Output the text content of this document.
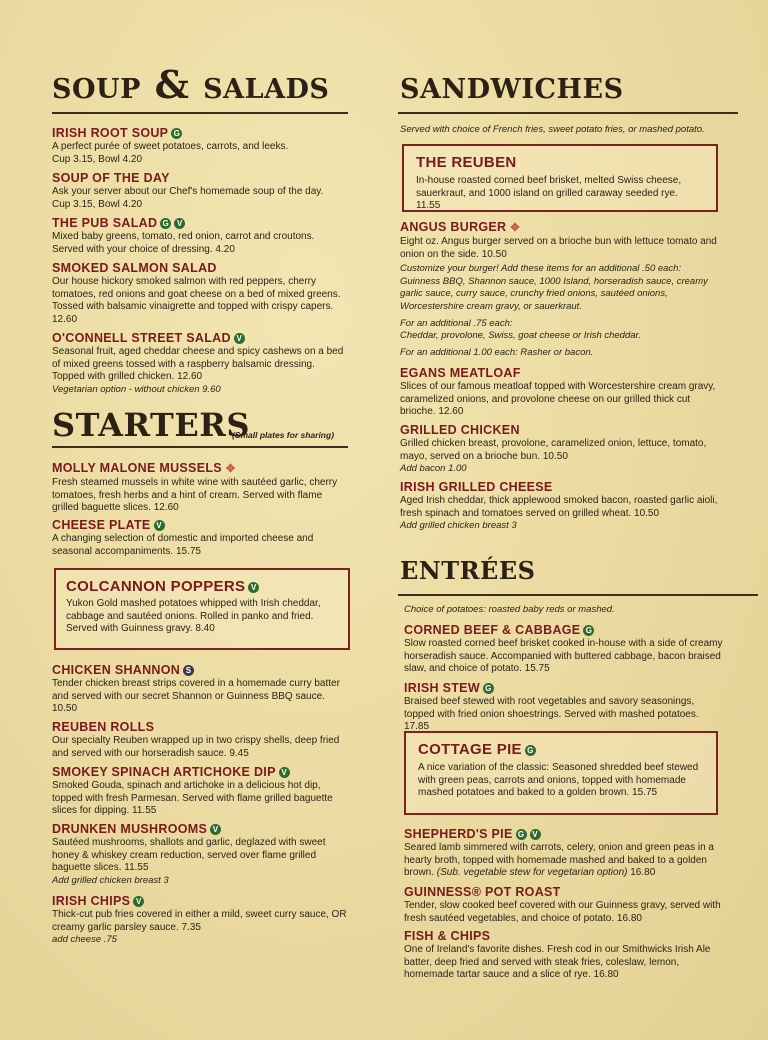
soup & salads
IRISH ROOT SOUP G
A perfect purée of sweet potatoes, carrots, and leeks.
Cup 3.15, Bowl 4.20
SOUP OF THE DAY
Ask your server about our Chef's homemade soup of the day.
Cup 3.15, Bowl 4.20
THE PUB SALAD G V
Mixed baby greens, tomato, red onion, carrot and croutons. Served with your choice of dressing. 4.20
SMOKED SALMON SALAD
Our house hickory smoked salmon with red peppers, cherry tomatoes, red onions and goat cheese on a bed of mixed greens. Tossed with balsamic vinaigrette and topped with crispy capers. 12.60
O'CONNELL STREET SALAD V
Seasonal fruit, aged cheddar cheese and spicy cashews on a bed of mixed greens tossed with a raspberry balsamic dressing. Topped with grilled chicken. 12.60
Vegetarian option - without chicken 9.60
STARTERS
(Small plates for sharing)
MOLLY MALONE MUSSELS ✥
Fresh steamed mussels in white wine with sautéed garlic, cherry tomatoes, fresh herbs and a hint of cream. Served with flame grilled baguette slices. 12.60
CHEESE PLATE V
A changing selection of domestic and imported cheese and seasonal accompaniments. 15.75
COLCANNON POPPERS V
Yukon Gold mashed potatoes whipped with Irish cheddar, cabbage and sautéed onions. Rolled in panko and fried. Served with Guinness gravy. 8.40
CHICKEN SHANNON S
Tender chicken breast strips covered in a homemade curry batter and served with our secret Shannon or Guinness BBQ sauce. 10.50
REUBEN ROLLS
Our specialty Reuben wrapped up in two crispy shells, deep fried and served with our horseradish sauce. 9.45
SMOKEY SPINACH ARTICHOKE DIP V
Smoked Gouda, spinach and artichoke in a delicious hot dip, topped with fresh Parmesan. Served with flame grilled baguette slices for dipping. 11.55
DRUNKEN MUSHROOMS V
Sautéed mushrooms, shallots and garlic, deglazed with sweet honey & whiskey cream reduction, served over flame grilled baguette slices. 11.55
Add grilled chicken breast 3
IRISH CHIPS V
Thick-cut pub fries covered in either a mild, sweet curry sauce, OR creamy garlic parsley sauce. 7.35
add cheese .75
sandwiches
Served with choice of French fries, sweet potato fries, or mashed potato.
THE REUBEN
In-house roasted corned beef brisket, melted Swiss cheese, sauerkraut, and 1000 island on grilled caraway seeded rye. 11.55
ANGUS BURGER ✥
Eight oz. Angus burger served on a brioche bun with lettuce tomato and onion on the side. 10.50
Customize your burger! Add these items for an additional .50 each: Guinness BBQ, Shannon sauce, 1000 Island, horseradish sauce, creamy garlic sauce, curry sauce, crunchy fried onions, sautéed onions, Worcestershire cream gravy, or sauerkraut.
For an additional .75 each:
Cheddar, provolone, Swiss, goat cheese or Irish cheddar.
For an additional 1.00 each: Rasher or bacon.
EGANS MEATLOAF
Slices of our famous meatloaf topped with Worcestershire cream gravy, caramelized onions, and provolone cheese on our grilled thick cut brioche. 12.60
GRILLED CHICKEN
Grilled chicken breast, provolone, caramelized onion, lettuce, tomato, mayo, served on a brioche bun. 10.50
Add bacon 1.00
IRISH GRILLED CHEESE
Aged Irish cheddar, thick applewood smoked bacon, roasted garlic aioli, fresh spinach and tomatoes served on grilled wheat. 10.50
Add grilled chicken breast 3
entrées
Choice of potatoes: roasted baby reds or mashed.
CORNED BEEF & CABBAGE G
Slow roasted corned beef brisket cooked in-house with a side of creamy horseradish sauce. Accompanied with buttered cabbage, bacon braised slaw, and choice of potato. 15.75
IRISH STEW G
Braised beef stewed with root vegetables and savory seasonings, topped with fried onion shoestrings. Served with mashed potatoes. 17.85
COTTAGE PIE G
A nice variation of the classic: Seasoned shredded beef stewed with green peas, carrots and onions, topped with homemade mashed potatoes and baked to a golden brown. 15.75
SHEPHERD'S PIE G V
Seared lamb simmered with carrots, celery, onion and green peas in a hearty broth, topped with homemade mashed and baked to a golden brown. (Sub. vegetable stew for vegetarian option) 16.80
GUINNESS® POT ROAST
Tender, slow cooked beef covered with our Guinness gravy, served with fresh sautéed vegetables, and choice of potato. 16.80
FISH & CHIPS
One of Ireland's favorite dishes. Fresh cod in our Smithwicks Irish Ale batter, deep fried and served with steak fries, coleslaw, lemon, homemade tartar sauce and a slice of rye. 16.80
